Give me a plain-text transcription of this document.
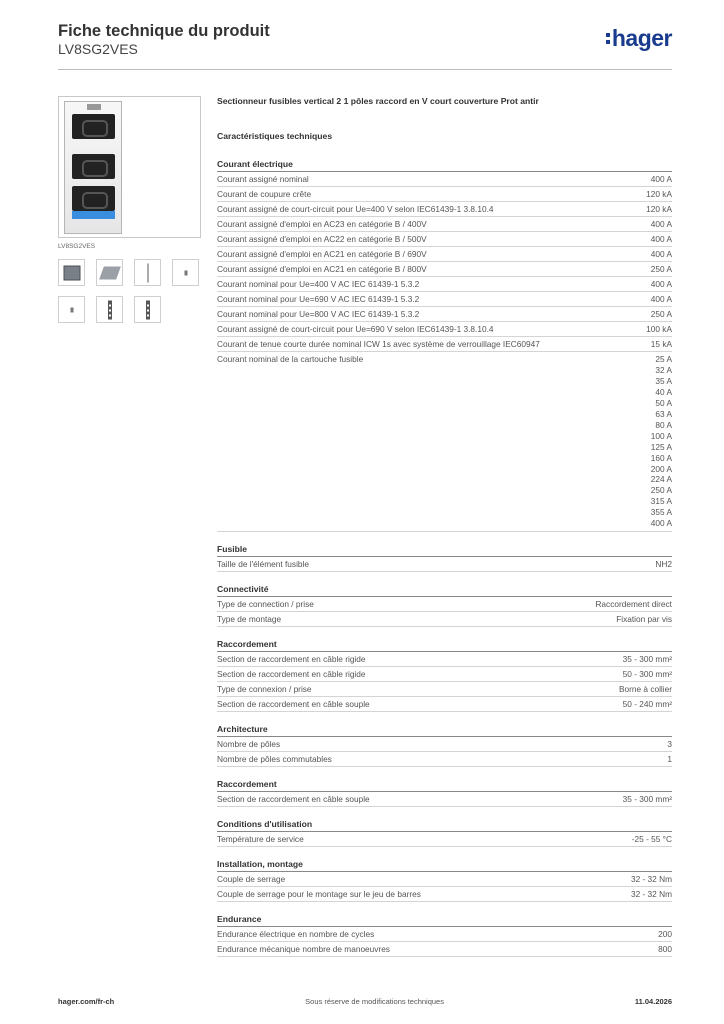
Fiche technique du produit
LV8SG2VES	hager
LV8SG2VES
Sectionneur fusibles vertical 2 1 pôles raccord en V court couverture Prot antir
Caractéristiques techniques
Courant électrique
Courant assigné nominal	400 A
Courant de coupure crête	120 kA
Courant assigné de court-circuit pour Ue=400 V selon IEC61439-1 3.8.10.4	120 kA
Courant assigné d'emploi en AC23 en catégorie B / 400V	400 A
Courant assigné d'emploi en AC22 en catégorie B / 500V	400 A
Courant assigné d'emploi en AC21 en catégorie B / 690V	400 A
Courant assigné d'emploi en AC21 en catégorie B / 800V	250 A
Courant nominal pour Ue=400 V AC IEC 61439-1 5.3.2	400 A
Courant nominal pour Ue=690 V AC IEC 61439-1 5.3.2	400 A
Courant nominal pour Ue=800 V AC IEC 61439-1 5.3.2	250 A
Courant assigné de court-circuit pour Ue=690 V selon IEC61439-1 3.8.10.4	100 kA
Courant de tenue courte durée nominal ICW 1s avec système de verrouillage IEC60947	15 kA
Courant nominal de la cartouche fusible	25 A
32 A
35 A
40 A
50 A
63 A
80 A
100 A
125 A
160 A
200 A
224 A
250 A
315 A
355 A
400 A
Fusible
Taille de l'élément fusible	NH2
Connectivité
Type de connection / prise	Raccordement direct
Type de montage	Fixation par vis
Raccordement
Section de raccordement en câble rigide	35 - 300 mm²
Section de raccordement en câble rigide	50 - 300 mm²
Type de connexion / prise	Borne à collier
Section de raccordement en câble souple	50 - 240 mm²
Architecture
Nombre de pôles	3
Nombre de pôles commutables	1
Raccordement
Section de raccordement en câble souple	35 - 300 mm²
Conditions d'utilisation
Température de service	-25 - 55 °C
Installation, montage
Couple de serrage	32 - 32 Nm
Couple de serrage pour le montage sur le jeu de barres	32 - 32 Nm
Endurance
Endurance électrique en nombre de cycles	200
Endurance mécanique nombre de manoeuvres	800
hager.com/fr-ch	Sous réserve de modifications techniques	11.04.2026
